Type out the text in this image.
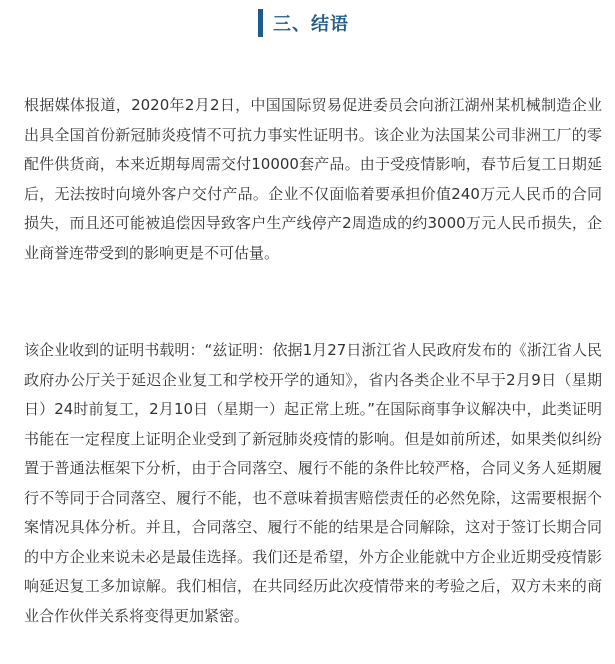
三、结语

根据媒体报道，2020年2月2日，中国国际贸易促进委员会向浙江湖州某机械制造企业出具全国首份新冠肺炎疫情不可抗力事实性证明书。该企业为法国某公司非洲工厂的零配件供货商，本来近期每周需交付10000套产品。由于受疫情影响，春节后复工日期延后，无法按时向境外客户交付产品。企业不仅面临着要承担价值240万元人民币的合同损失，而且还可能被追偿因导致客户生产线停产2周造成的约3000万元人民币损失，企业商誉连带受到的影响更是不可估量。

该企业收到的证明书载明：“兹证明：依据1月27日浙江省人民政府发布的《浙江省人民政府办公厅关于延迟企业复工和学校开学的通知》，省内各类企业不早于2月9日（星期日）24时前复工，2月10日（星期一）起正常上班。”在国际商事争议解决中，此类证明书能在一定程度上证明企业受到了新冠肺炎疫情的影响。但是如前所述，如果类似纠纷置于普通法框架下分析，由于合同落空、履行不能的条件比较严格，合同义务人延期履行不等同于合同落空、履行不能，也不意味着损害赔偿责任的必然免除，这需要根据个案情况具体分析。并且，合同落空、履行不能的结果是合同解除，这对于签订长期合同的中方企业来说未必是最佳选择。我们还是希望，外方企业能就中方企业近期受疫情影响延迟复工多加谅解。我们相信，在共同经历此次疫情带来的考验之后，双方未来的商业合作伙伴关系将变得更加紧密。
